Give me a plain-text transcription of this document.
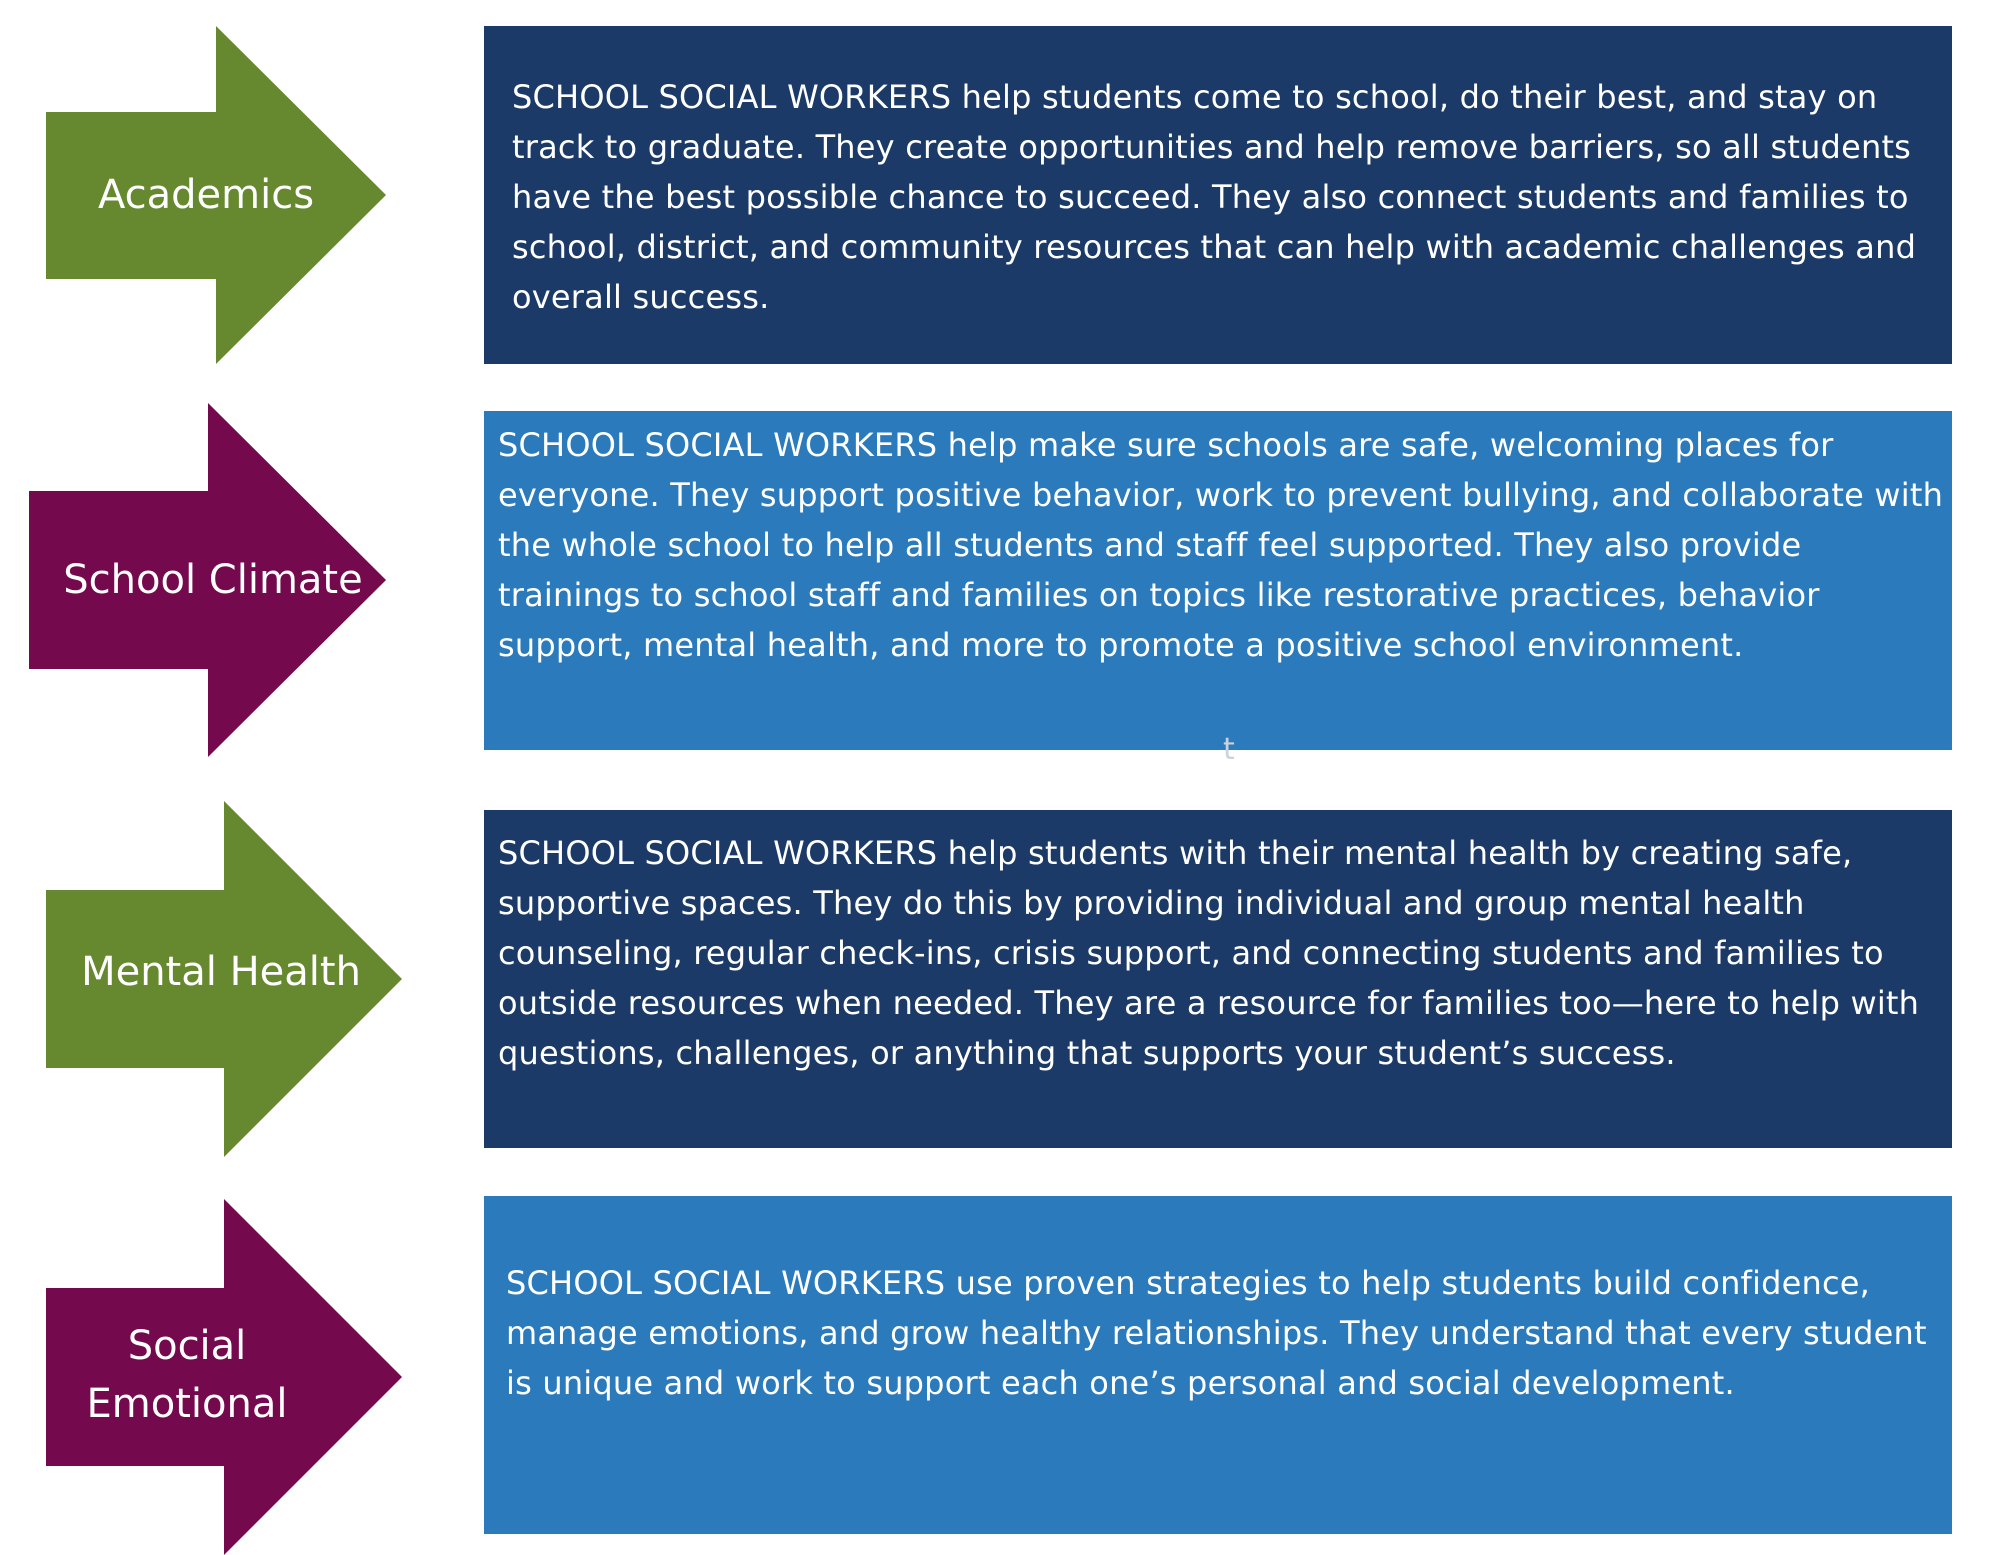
Academics

SCHOOL SOCIAL WORKERS help students come to school, do their best, and stay on track to graduate. They create opportunities and help remove barriers, so all students have the best possible chance to succeed. They also connect students and families to school, district, and community resources that can help with academic challenges and overall success.

School Climate

SCHOOL SOCIAL WORKERS help make sure schools are safe, welcoming places for everyone. They support positive behavior, work to prevent bullying, and collaborate with the whole school to help all students and staff feel supported. They also provide trainings to school staff and families on topics like restorative practices, behavior support, mental health, and more to promote a positive school environment.

t
Mental Health

SCHOOL SOCIAL WORKERS help students with their mental health by creating safe, supportive spaces. They do this by providing individual and group mental health counseling, regular check-ins, crisis support, and connecting students and families to outside resources when needed. They are a resource for families too—here to help with questions, challenges, or anything that supports your student’s success.

Social
Emotional

SCHOOL SOCIAL WORKERS use proven strategies to help students build confidence, manage emotions, and grow healthy relationships. They understand that every student is unique and work to support each one’s personal and social development.
